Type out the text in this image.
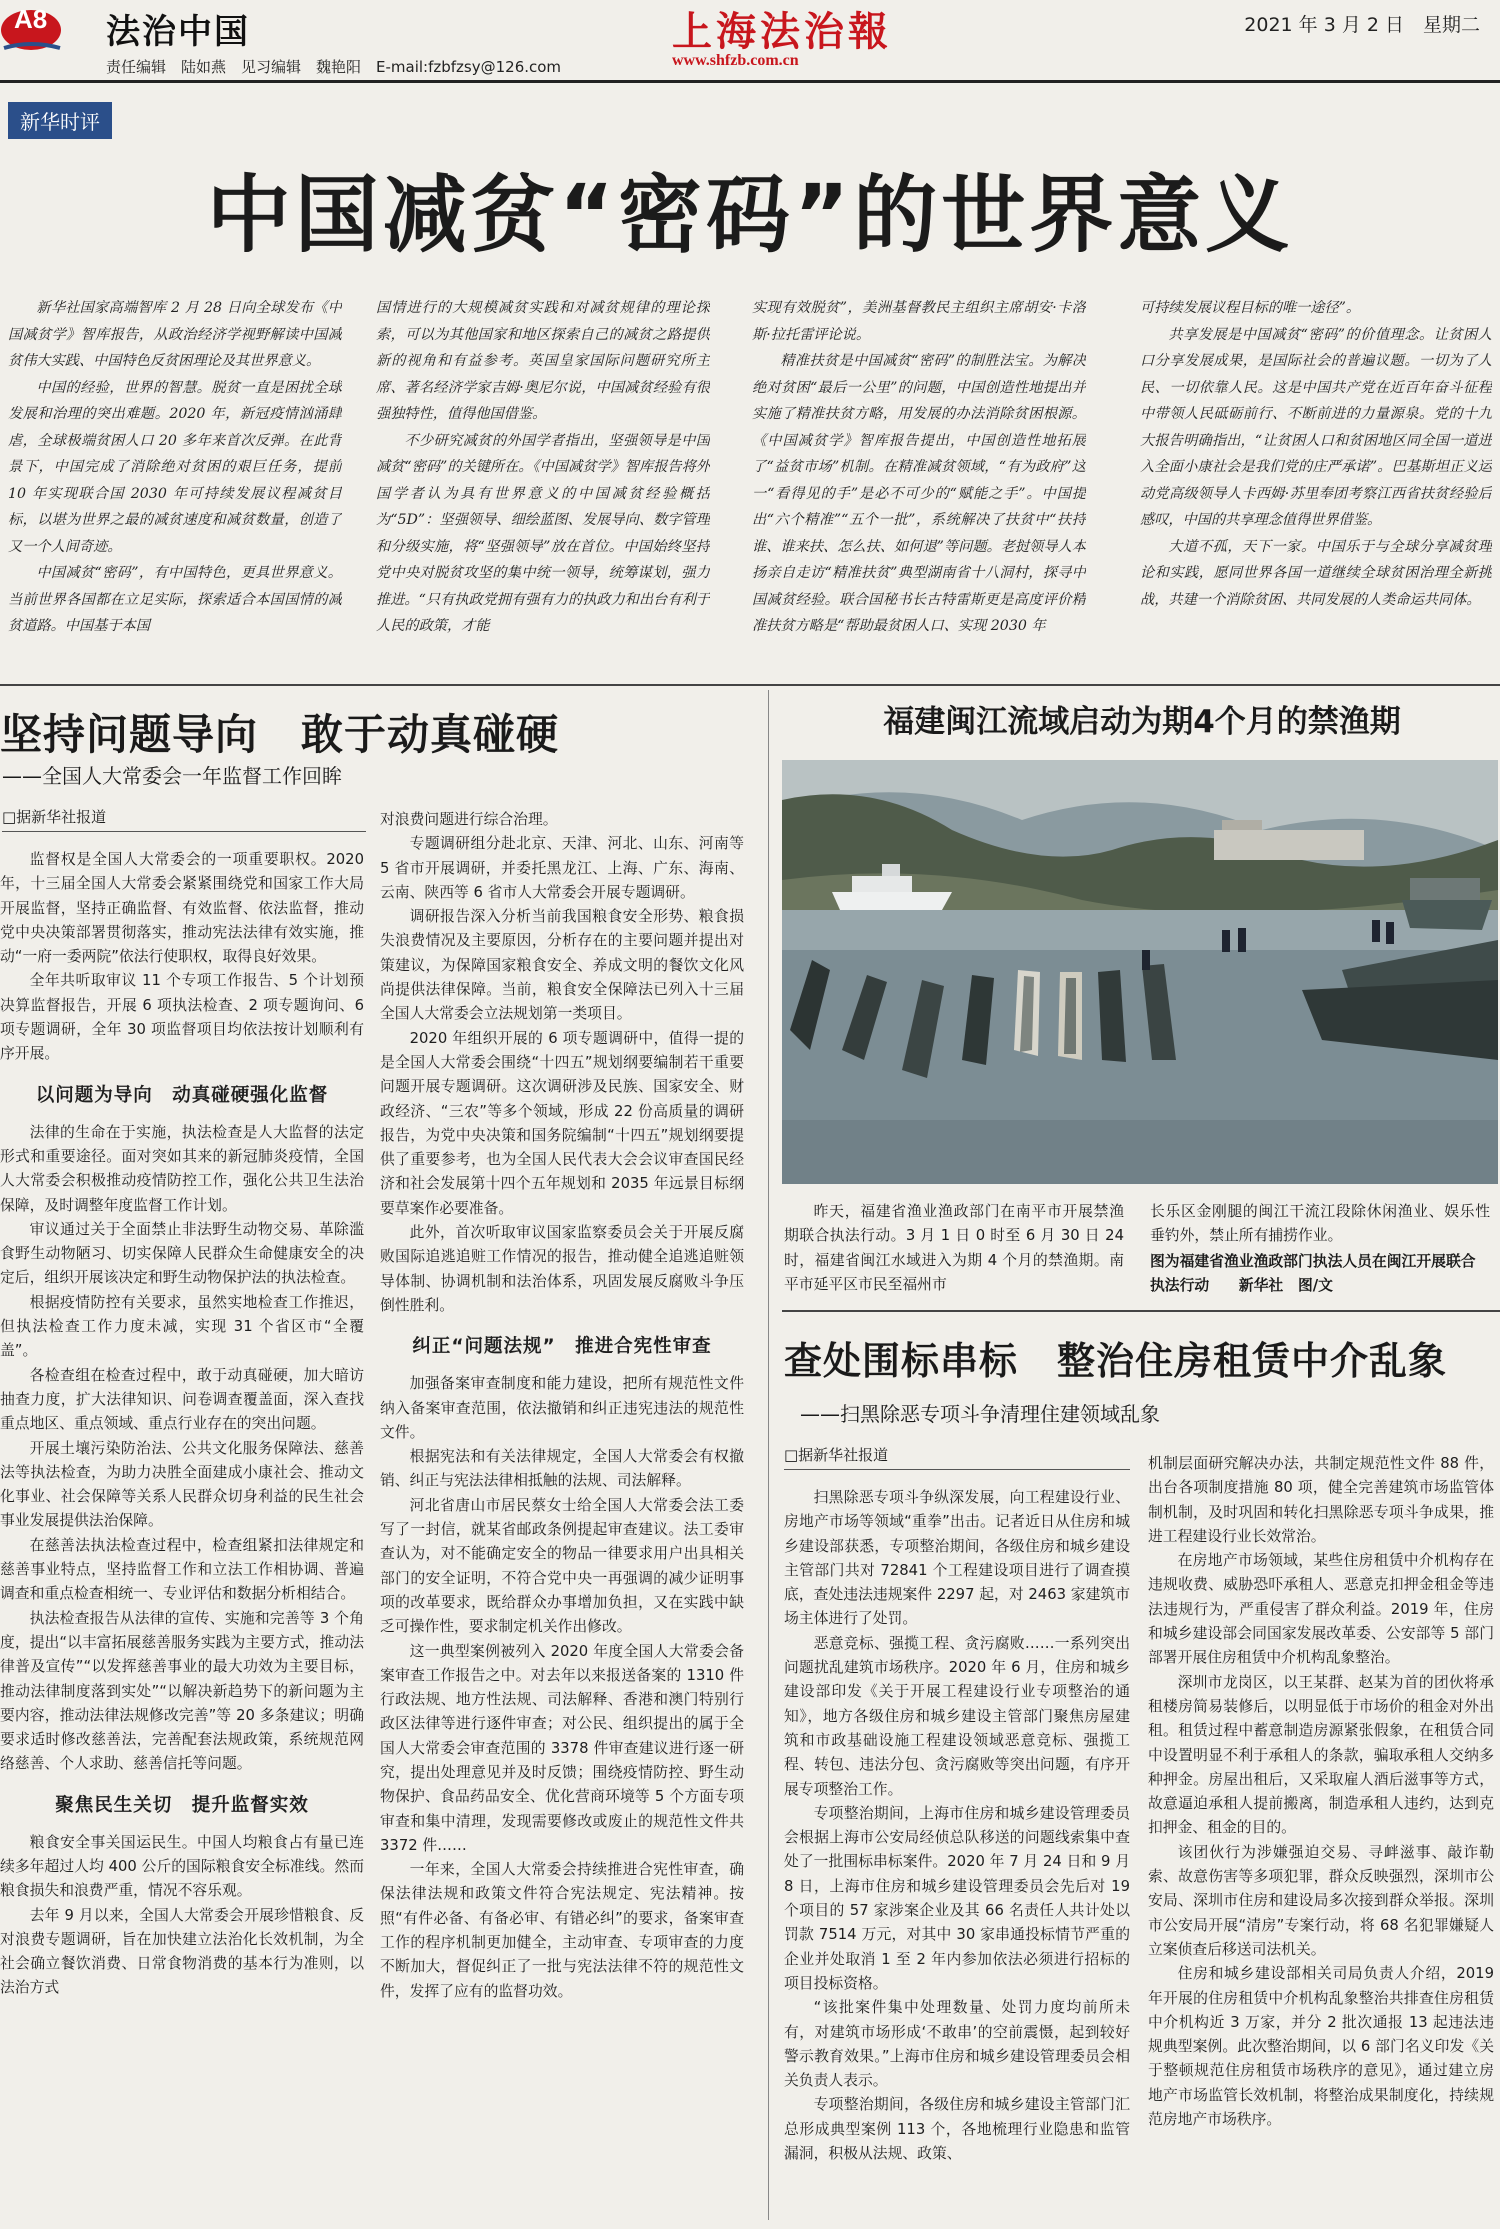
A8 法治中国
责任编辑　陆如燕　见习编辑　魏艳阳　E-mail:fzbfzsy@126.com
上海法治報
www.shfzb.com.cn
2021 年 3 月 2 日　星期二
新华时评
中国减贫“密码”的世界意义

新华社国家高端智库 2 月 28 日向全球发布《中国减贫学》智库报告，从政治经济学视野解读中国减贫伟大实践、中国特色反贫困理论及其世界意义。

中国的经验，世界的智慧。脱贫一直是困扰全球发展和治理的突出难题。2020 年，新冠疫情汹涌肆虐，全球极端贫困人口 20 多年来首次反弹。在此背景下，中国完成了消除绝对贫困的艰巨任务，提前 10 年实现联合国 2030 年可持续发展议程减贫目标，以堪为世界之最的减贫速度和减贫数量，创造了又一个人间奇迹。

中国减贫“密码”，有中国特色，更具世界意义。当前世界各国都在立足实际，探索适合本国国情的减贫道路。中国基于本国

国情进行的大规模减贫实践和对减贫规律的理论探索，可以为其他国家和地区探索自己的减贫之路提供新的视角和有益参考。英国皇家国际问题研究所主席、著名经济学家吉姆·奥尼尔说，中国减贫经验有很强独特性，值得他国借鉴。

不少研究减贫的外国学者指出，坚强领导是中国减贫“密码”的关键所在。《中国减贫学》智库报告将外国学者认为具有世界意义的中国减贫经验概括为“5D”：坚强领导、细绘蓝图、发展导向、数字管理和分级实施，将“坚强领导”放在首位。中国始终坚持党中央对脱贫攻坚的集中统一领导，统筹谋划，强力推进。“只有执政党拥有强有力的执政力和出台有利于人民的政策，才能

实现有效脱贫”，美洲基督教民主组织主席胡安·卡洛斯·拉托雷评论说。

精准扶贫是中国减贫“密码”的制胜法宝。为解决绝对贫困“最后一公里”的问题，中国创造性地提出并实施了精准扶贫方略，用发展的办法消除贫困根源。《中国减贫学》智库报告提出，中国创造性地拓展了“益贫市场”机制。在精准减贫领域，“有为政府”这一“看得见的手”是必不可少的“赋能之手”。中国提出“六个精准”“五个一批”，系统解决了扶贫中“扶持谁、谁来扶、怎么扶、如何退”等问题。老挝领导人本扬亲自走访“精准扶贫”典型湖南省十八洞村，探寻中国减贫经验。联合国秘书长古特雷斯更是高度评价精准扶贫方略是“帮助最贫困人口、实现 2030 年

可持续发展议程目标的唯一途径”。

共享发展是中国减贫“密码”的价值理念。让贫困人口分享发展成果，是国际社会的普遍议题。一切为了人民、一切依靠人民。这是中国共产党在近百年奋斗征程中带领人民砥砺前行、不断前进的力量源泉。党的十九大报告明确指出，“让贫困人口和贫困地区同全国一道进入全面小康社会是我们党的庄严承诺”。巴基斯坦正义运动党高级领导人卡西姆·苏里奉团考察江西省扶贫经验后感叹，中国的共享理念值得世界借鉴。

大道不孤，天下一家。中国乐于与全球分享减贫理论和实践，愿同世界各国一道继续全球贫困治理全新挑战，共建一个消除贫困、共同发展的人类命运共同体。

坚持问题导向　敢于动真碰硬
——全国人大常委会一年监督工作回眸
□据新华社报道

监督权是全国人大常委会的一项重要职权。2020 年，十三届全国人大常委会紧紧围绕党和国家工作大局开展监督，坚持正确监督、有效监督、依法监督，推动党中央决策部署贯彻落实，推动宪法法律有效实施，推动“一府一委两院”依法行使职权，取得良好效果。

全年共听取审议 11 个专项工作报告、5 个计划预决算监督报告，开展 6 项执法检查、2 项专题询问、6 项专题调研，全年 30 项监督项目均依法按计划顺利有序开展。

以问题为导向　动真碰硬强化监督

法律的生命在于实施，执法检查是人大监督的法定形式和重要途径。面对突如其来的新冠肺炎疫情，全国人大常委会积极推动疫情防控工作，强化公共卫生法治保障，及时调整年度监督工作计划。

审议通过关于全面禁止非法野生动物交易、革除滥食野生动物陋习、切实保障人民群众生命健康安全的决定后，组织开展该决定和野生动物保护法的执法检查。

根据疫情防控有关要求，虽然实地检查工作推迟，但执法检查工作力度未减，实现 31 个省区市“全覆盖”。

各检查组在检查过程中，敢于动真碰硬，加大暗访抽查力度，扩大法律知识、问卷调查覆盖面，深入查找重点地区、重点领域、重点行业存在的突出问题。

开展土壤污染防治法、公共文化服务保障法、慈善法等执法检查，为助力决胜全面建成小康社会、推动文化事业、社会保障等关系人民群众切身利益的民生社会事业发展提供法治保障。

在慈善法执法检查过程中，检查组紧扣法律规定和慈善事业特点，坚持监督工作和立法工作相协调、普遍调查和重点检查相统一、专业评估和数据分析相结合。

执法检查报告从法律的宣传、实施和完善等 3 个角度，提出“以丰富拓展慈善服务实践为主要方式，推动法律普及宣传”“以发挥慈善事业的最大功效为主要目标，推动法律制度落到实处”“以解决新趋势下的新问题为主要内容，推动法律法规修改完善”等 20 多条建议；明确要求适时修改慈善法，完善配套法规政策，系统规范网络慈善、个人求助、慈善信托等问题。

聚焦民生关切　提升监督实效

粮食安全事关国运民生。中国人均粮食占有量已连续多年超过人均 400 公斤的国际粮食安全标准线。然而粮食损失和浪费严重，情况不容乐观。

去年 9 月以来，全国人大常委会开展珍惜粮食、反对浪费专题调研，旨在加快建立法治化长效机制，为全社会确立餐饮消费、日常食物消费的基本行为准则，以法治方式

对浪费问题进行综合治理。

专题调研组分赴北京、天津、河北、山东、河南等 5 省市开展调研，并委托黑龙江、上海、广东、海南、云南、陕西等 6 省市人大常委会开展专题调研。

调研报告深入分析当前我国粮食安全形势、粮食损失浪费情况及主要原因，分析存在的主要问题并提出对策建议，为保障国家粮食安全、养成文明的餐饮文化风尚提供法律保障。当前，粮食安全保障法已列入十三届全国人大常委会立法规划第一类项目。

2020 年组织开展的 6 项专题调研中，值得一提的是全国人大常委会围绕“十四五”规划纲要编制若干重要问题开展专题调研。这次调研涉及民族、国家安全、财政经济、“三农”等多个领域，形成 22 份高质量的调研报告，为党中央决策和国务院编制“十四五”规划纲要提供了重要参考，也为全国人民代表大会会议审查国民经济和社会发展第十四个五年规划和 2035 年远景目标纲要草案作必要准备。

此外，首次听取审议国家监察委员会关于开展反腐败国际追逃追赃工作情况的报告，推动健全追逃追赃领导体制、协调机制和法治体系，巩固发展反腐败斗争压倒性胜利。

纠正“问题法规”　推进合宪性审查

加强备案审查制度和能力建设，把所有规范性文件纳入备案审查范围，依法撤销和纠正违宪违法的规范性文件。

根据宪法和有关法律规定，全国人大常委会有权撤销、纠正与宪法法律相抵触的法规、司法解释。

河北省唐山市居民蔡女士给全国人大常委会法工委写了一封信，就某省邮政条例提起审查建议。法工委审查认为，对不能确定安全的物品一律要求用户出具相关部门的安全证明，不符合党中央一再强调的减少证明事项的改革要求，既给群众办事增加负担，又在实践中缺乏可操作性，要求制定机关作出修改。

这一典型案例被列入 2020 年度全国人大常委会备案审查工作报告之中。对去年以来报送备案的 1310 件行政法规、地方性法规、司法解释、香港和澳门特别行政区法律等进行逐件审查；对公民、组织提出的属于全国人大常委会审查范围的 3378 件审查建议进行逐一研究，提出处理意见并及时反馈；围绕疫情防控、野生动物保护、食品药品安全、优化营商环境等 5 个方面专项审查和集中清理，发现需要修改或废止的规范性文件共 3372 件……

一年来，全国人大常委会持续推进合宪性审查，确保法律法规和政策文件符合宪法规定、宪法精神。按照“有件必备、有备必审、有错必纠”的要求，备案审查工作的程序机制更加健全，主动审查、专项审查的力度不断加大，督促纠正了一批与宪法法律不符的规范性文件，发挥了应有的监督功效。

福建闽江流域启动为期4个月的禁渔期

昨天，福建省渔业渔政部门在南平市开展禁渔期联合执法行动。3 月 1 日 0 时至 6 月 30 日 24 时，福建省闽江水域进入为期 4 个月的禁渔期。南平市延平区市民至福州市

长乐区金刚腿的闽江干流江段除休闲渔业、娱乐性垂钓外，禁止所有捕捞作业。

图为福建省渔业渔政部门执法人员在闽江开展联合执法行动　　新华社　图/文
查处围标串标　整治住房租赁中介乱象
——扫黑除恶专项斗争清理住建领域乱象
□据新华社报道

扫黑除恶专项斗争纵深发展，向工程建设行业、房地产市场等领域“重拳”出击。记者近日从住房和城乡建设部获悉，专项整治期间，各级住房和城乡建设主管部门共对 72841 个工程建设项目进行了调查摸底，查处违法违规案件 2297 起，对 2463 家建筑市场主体进行了处罚。

恶意竞标、强揽工程、贪污腐败……一系列突出问题扰乱建筑市场秩序。2020 年 6 月，住房和城乡建设部印发《关于开展工程建设行业专项整治的通知》，地方各级住房和城乡建设主管部门聚焦房屋建筑和市政基础设施工程建设领域恶意竞标、强揽工程、转包、违法分包、贪污腐败等突出问题，有序开展专项整治工作。

专项整治期间，上海市住房和城乡建设管理委员会根据上海市公安局经侦总队移送的问题线索集中查处了一批围标串标案件。2020 年 7 月 24 日和 9 月 8 日，上海市住房和城乡建设管理委员会先后对 19 个项目的 57 家涉案企业及其 66 名责任人共计处以罚款 7514 万元，对其中 30 家串通投标情节严重的企业并处取消 1 至 2 年内参加依法必须进行招标的项目投标资格。

“该批案件集中处理数量、处罚力度均前所未有，对建筑市场形成‘不敢串’的空前震慑，起到较好警示教育效果。”上海市住房和城乡建设管理委员会相关负责人表示。

专项整治期间，各级住房和城乡建设主管部门汇总形成典型案例 113 个，各地梳理行业隐患和监管漏洞，积极从法规、政策、

机制层面研究解决办法，共制定规范性文件 88 件，出台各项制度措施 80 项，健全完善建筑市场监管体制机制，及时巩固和转化扫黑除恶专项斗争成果，推进工程建设行业长效常治。

在房地产市场领域，某些住房租赁中介机构存在违规收费、威胁恐吓承租人、恶意克扣押金租金等违法违规行为，严重侵害了群众利益。2019 年，住房和城乡建设部会同国家发展改革委、公安部等 5 部门部署开展住房租赁中介机构乱象整治。

深圳市龙岗区，以王某群、赵某为首的团伙将承租楼房简易装修后，以明显低于市场价的租金对外出租。租赁过程中蓄意制造房源紧张假象，在租赁合同中设置明显不利于承租人的条款，骗取承租人交纳多种押金。房屋出租后，又采取雇人酒后滋事等方式，故意逼迫承租人提前搬离，制造承租人违约，达到克扣押金、租金的目的。

该团伙行为涉嫌强迫交易、寻衅滋事、敲诈勒索、故意伤害等多项犯罪，群众反映强烈，深圳市公安局、深圳市住房和建设局多次接到群众举报。深圳市公安局开展“清房”专案行动，将 68 名犯罪嫌疑人立案侦查后移送司法机关。

住房和城乡建设部相关司局负责人介绍，2019 年开展的住房租赁中介机构乱象整治共排查住房租赁中介机构近 3 万家，并分 2 批次通报 13 起违法违规典型案例。此次整治期间，以 6 部门名义印发《关于整顿规范住房租赁市场秩序的意见》，通过建立房地产市场监管长效机制，将整治成果制度化，持续规范房地产市场秩序。
